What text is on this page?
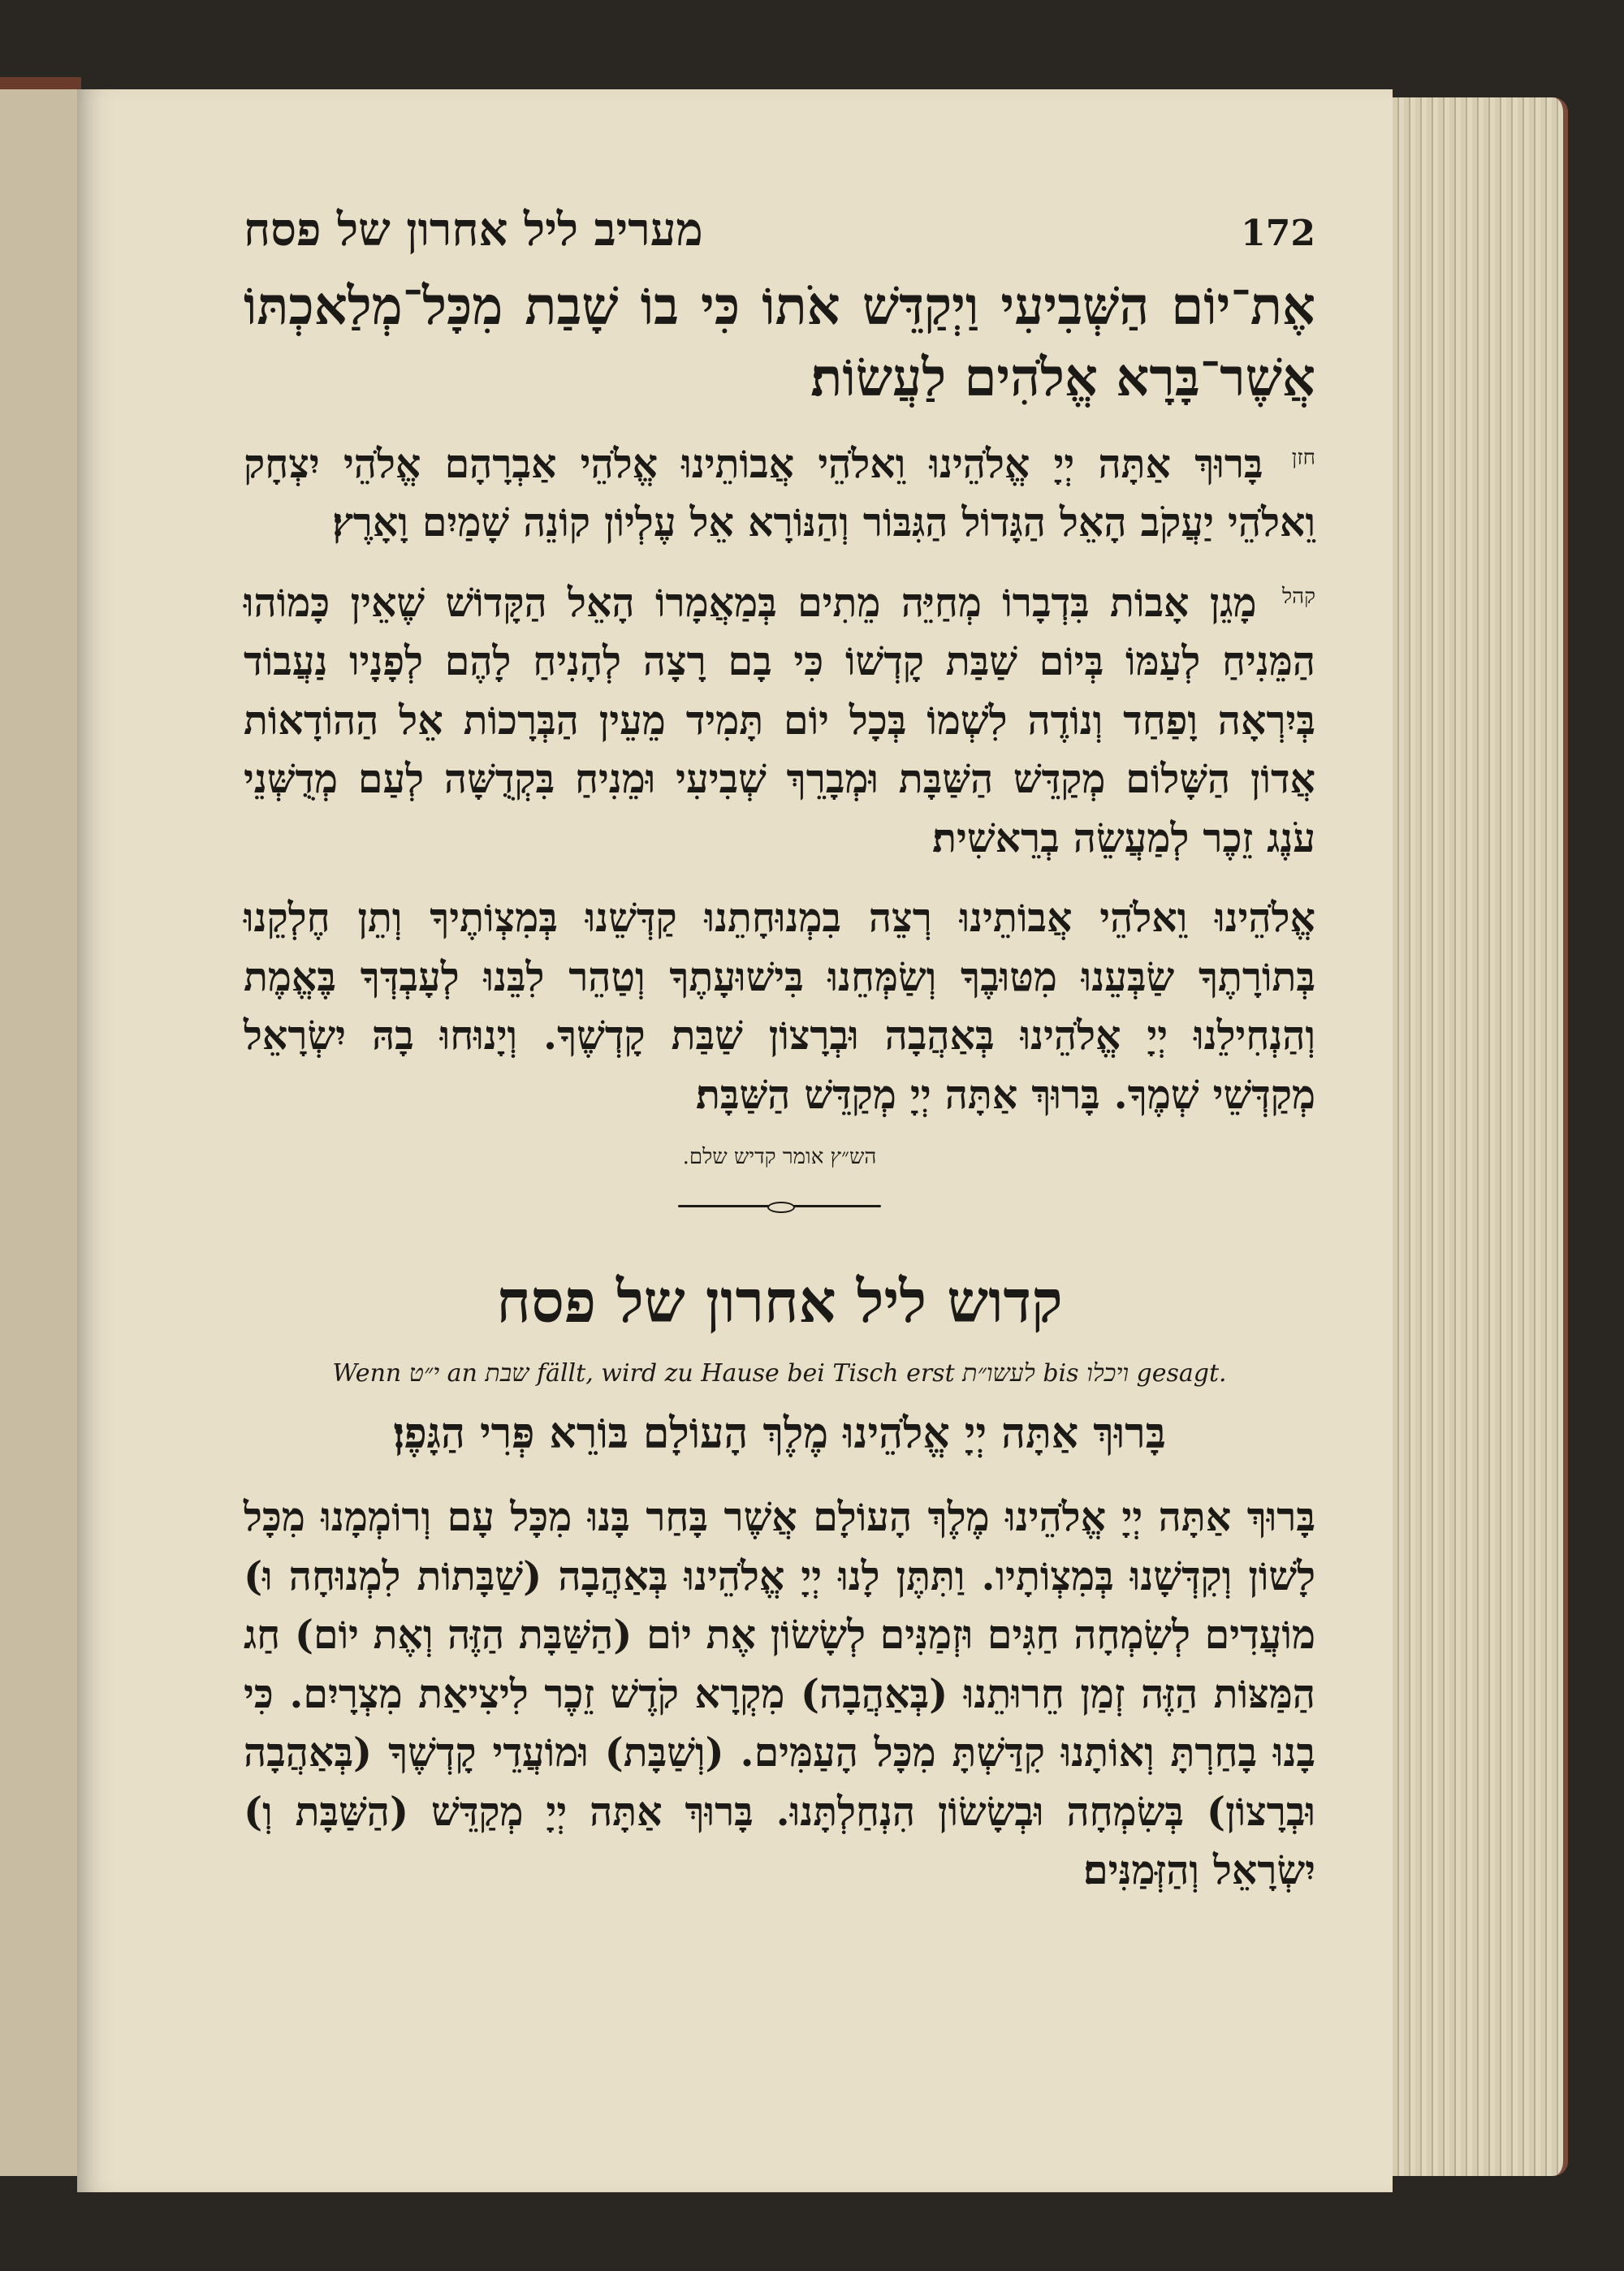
מעריב ליל אחרון של פסח	172

אֶת־יוֹם הַשְּׁבִיעִי וַיְקַדֵּשׁ אֹתוֹ כִּי בוֹ שָׁבַת מִכָּל־מְלַאכְתּוֹ אֲשֶׁר־בָּרָא אֱלֹהִים לַעֲשׂוֹת׃

$^{חזן}$ בָּרוּךְ אַתָּה יְיָ אֱלֹהֵינוּ וֵאלֹהֵי אֲבוֹתֵינוּ אֱלֹהֵי אַבְרָהָם אֱלֹהֵי יִצְחָק וֵאלֹהֵי יַעֲקֹב הָאֵל הַגָּדוֹל הַגִּבּוֹר וְהַנּוֹרָא אֵל עֶלְיוֹן קוֹנֵה שָׁמַיִם וָאָרֶץ׃

$^{קהל}$ מָגֵן אָבוֹת בִּדְבָרוֹ מְחַיֵּה מֵתִים בְּמַאֲמָרוֹ הָאֵל הַקָּדוֹשׁ שֶׁאֵין כָּמוֹהוּ הַמֵּנִיחַ לְעַמּוֹ בְּיוֹם שַׁבַּת קָדְשׁוֹ כִּי בָם רָצָה לְהָנִיחַ לָהֶם לְפָנָיו נַעֲבוֹד בְּיִרְאָה וָפַחַד וְנוֹדֶה לִשְׁמוֹ בְּכָל יוֹם תָּמִיד מֵעֵין הַבְּרָכוֹת אֵל הַהוֹדָאוֹת אֲדוֹן הַשָּׁלוֹם מְקַדֵּשׁ הַשַּׁבָּת וּמְבָרֵךְ שְׁבִיעִי וּמֵנִיחַ בִּקְדֻשָּׁה לְעַם מְדֻשְּׁנֵי עֹנֶג זֵכֶר לְמַעֲשֵׂה בְרֵאשִׁית׃

אֱלֹהֵינוּ וֵאלֹהֵי אֲבוֹתֵינוּ רְצֵה בִמְנוּחָתֵנוּ קַדְּשֵׁנוּ בְּמִצְוֹתֶיךָ וְתֵן חֶלְקֵנוּ בְּתוֹרָתֶךָ שַׂבְּעֵנוּ מִטּוּבֶךָ וְשַׂמְּחֵנוּ בִּישׁוּעָתֶךָ וְטַהֵר לִבֵּנוּ לְעָבְדְּךָ בֶּאֱמֶת וְהַנְחִילֵנוּ יְיָ אֱלֹהֵינוּ בְּאַהֲבָה וּבְרָצוֹן שַׁבַּת קָדְשֶׁךָ. וְיָנוּחוּ בָהּ יִשְׂרָאֵל מְקַדְּשֵׁי שְׁמֶךָ. בָּרוּךְ אַתָּה יְיָ מְקַדֵּשׁ הַשַּׁבָּת׃

הש״ץ אומר קדיש שלם.
קדוש ליל אחרון של פסח
Wenn י״ט an שבת fällt, wird zu Hause bei Tisch erst לעשו״ת bis ויכלו gesagt.
בָּרוּךְ אַתָּה יְיָ אֱלֹהֵינוּ מֶלֶךְ הָעוֹלָם בּוֹרֵא פְּרִי הַגָּפֶן׃

בָּרוּךְ אַתָּה יְיָ אֱלֹהֵינוּ מֶלֶךְ הָעוֹלָם אֲשֶׁר בָּחַר בָּנוּ מִכָּל עָם וְרוֹמְמָנוּ מִכָּל לָשׁוֹן וְקִדְּשָׁנוּ בְּמִצְוֹתָיו. וַתִּתֶּן לָנוּ יְיָ אֱלֹהֵינוּ בְּאַהֲבָה (שַׁבָּתוֹת לִמְנוּחָה וּ) מוֹעֲדִים לְשִׂמְחָה חַגִּים וּזְמַנִּים לְשָׂשׂוֹן אֶת יוֹם (הַשַּׁבָּת הַזֶּה וְאֶת יוֹם) חַג הַמַּצּוֹת הַזֶּה זְמַן חֵרוּתֵנוּ (בְּאַהֲבָה) מִקְרָא קֹדֶשׁ זֵכֶר לִיצִיאַת מִצְרָיִם. כִּי בָנוּ בָחַרְתָּ וְאוֹתָנוּ קִדַּשְׁתָּ מִכָּל הָעַמִּים. (וְשַׁבָּת) וּמוֹעֲדֵי קָדְשֶׁךָ (בְּאַהֲבָה וּבְרָצוֹן) בְּשִׂמְחָה וּבְשָׂשׂוֹן הִנְחַלְתָּנוּ. בָּרוּךְ אַתָּה יְיָ מְקַדֵּשׁ (הַשַּׁבָּת וְ) יִשְׂרָאֵל וְהַזְּמַנִּים׃
